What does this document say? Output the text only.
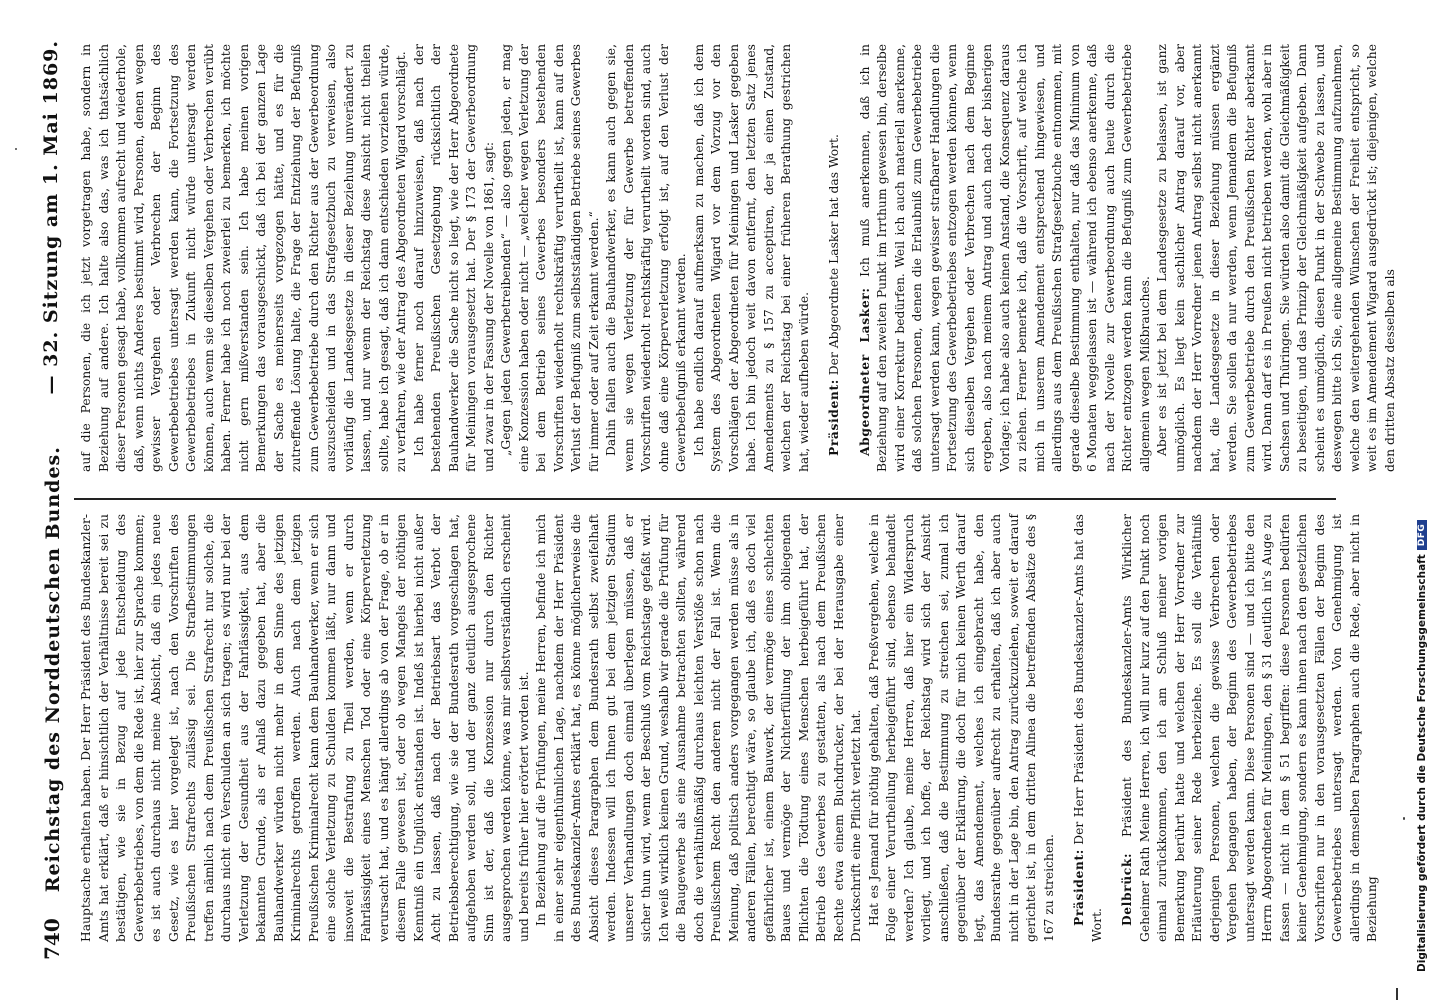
740
Reichstag des Norddeutschen Bundes.
— 32. Sitzung am 1. Mai 1869.

Hauptsache erhalten haben. Der Herr Präsident des Bundeskanzler-Amts hat erklärt, daß er hinsichtlich der Verhältnisse bereit sei zu bestätigen, wie sie in Bezug auf jede Entscheidung des Gewerbebetriebes, von dem die Rede ist, hier zur Sprache kommen; es ist auch durchaus nicht meine Absicht, daß ein jedes neue Gesetz, wie es hier vorgelegt ist, nach den Vorschriften des Preußischen Strafrechts zulässig sei. Die Strafbestimmungen treffen nämlich nach dem Preußischen Strafrecht nur solche, die durchaus nicht ein Verschulden an sich tragen; es wird nur bei der Verletzung der Gesundheit aus der Fahrlässigkeit, aus dem bekannten Grunde, als er Anlaß dazu gegeben hat, aber die Bauhandwerker würden nicht mehr in dem Sinne des jetzigen Kriminalrechts getroffen werden. Auch nach dem jetzigen Preußischen Kriminalrecht kann dem Bauhandwerker, wenn er sich eine solche Verletzung zu Schulden kommen läßt, nur dann und insoweit die Bestrafung zu Theil werden, wenn er durch Fahrlässigkeit eines Menschen Tod oder eine Körperverletzung verursacht hat, und es hängt allerdings ab von der Frage, ob er in diesem Falle gewesen ist, oder ob wegen Mangels der nöthigen Kenntniß ein Unglück entstanden ist. Indeß ist hierbei nicht außer Acht zu lassen, daß nach der Betriebsart das Verbot der Betriebsberechtigung, wie sie der Bundesrath vorgeschlagen hat, aufgehoben werden soll, und der ganz deutlich ausgesprochene Sinn ist der, daß die Konzession nur durch den Richter ausgesprochen werden könne, was mir selbstverständlich erscheint und bereits früher hier erörtert worden ist. In Beziehung auf die Prüfungen, meine Herren, befinde ich mich in einer sehr eigenthümlichen Lage, nachdem der Herr Präsident des Bundeskanzler-Amtes erklärt hat, es könne möglicherweise die Absicht dieses Paragraphen dem Bundesrath selbst zweifelhaft werden. Indessen will ich Ihnen gut bei dem jetzigen Stadium unserer Verhandlungen doch einmal überlegen müssen, daß er sicher thun wird, wenn der Beschluß vom Reichstage gefaßt wird. Ich weiß wirklich keinen Grund, weshalb wir gerade die Prüfung für die Baugewerbe als eine Ausnahme betrachten sollten, während doch die verhältnißmäßig durchaus leichten Verstöße schon nach Preußischem Recht den anderen nicht der Fall ist. Wenn die Meinung, daß politisch anders vorgegangen werden müsse als in anderen Fällen, berechtigt wäre, so glaube ich, daß es doch viel gefährlicher ist, einem Bauwerk, der vermöge eines schlechten Baues und vermöge der Nichterfüllung der ihm obliegenden Pflichten die Tödtung eines Menschen herbeigeführt hat, der Betrieb des Gewerbes zu gestatten, als nach dem Preußischen Rechte etwa einem Buchdrucker, der bei der Herausgabe einer Druckschrift eine Pflicht verletzt hat. Hat es Jemand für nöthig gehalten, daß Preßvergehen, welche in Folge einer Verurtheilung herbeigeführt sind, ebenso behandelt werden? Ich glaube, meine Herren, daß hier ein Widerspruch vorliegt, und ich hoffe, der Reichstag wird sich der Ansicht anschließen, daß die Bestimmung zu streichen sei, zumal ich gegenüber der Erklärung, die doch für mich keinen Werth darauf legt, das Amendement, welches ich eingebracht habe, den Bundesrathe gegenüber aufrecht zu erhalten, daß ich aber auch nicht in der Lage bin, den Antrag zurückzuziehen, soweit er darauf gerichtet ist, in dem dritten Alinea die betreffenden Absätze des § 167 zu streichen. Präsident: Der Herr Präsident des Bundeskanzler-Amts hat das Wort. Delbrück: Präsident des Bundeskanzler-Amts Wirklicher Geheimer Rath Meine Herren, ich will nur kurz auf den Punkt noch einmal zurückkommen, den ich am Schluß meiner vorigen Bemerkung berührt hatte und welchen der Herr Vorredner zur Erläuterung seiner Rede herbeiziehe. Es soll die Verhältniß derjenigen Personen, welchen die gewisse Verbrechen oder Vergehen begangen haben, der Beginn des Gewerbebetriebes untersagt werden kann. Diese Personen sind — und ich bitte den Herrn Abgeordneten für Meiningen, den § 31 deutlich in's Auge zu fassen — nicht in dem § 51 begriffen: diese Personen bedürfen keiner Genehmigung, sondern es kann ihnen nach den gesetzlichen Vorschriften nur in den vorausgesetzten Fällen der Beginn des Gewerbebetriebes untersagt werden. Von Genehmigung ist allerdings in demselben Paragraphen auch die Rede, aber nicht in Beziehung

auf die Personen, die ich jetzt vorgetragen habe, sondern in Beziehung auf andere. Ich halte also das, was ich thatsächlich dieser Personen gesagt habe, vollkommen aufrecht und wiederhole, daß, wenn nichts Anderes bestimmt wird, Personen, denen wegen gewisser Vergehen oder Verbrechen der Beginn des Gewerbebetriebes untersagt werden kann, die Fortsetzung des Gewerbebetriebes in Zukunft nicht würde untersagt werden können, auch wenn sie dieselben Vergehen oder Verbrechen verübt haben. Ferner habe ich noch zweierlei zu bemerken, ich möchte nicht gern mißverstanden sein. Ich habe meinen vorigen Bemerkungen das vorausgeschickt, daß ich bei der ganzen Lage der Sache es meinerseits vorgezogen hätte, und es für die zutreffende Lösung halte, die Frage der Entziehung der Befugniß zum Gewerbebetriebe durch den Richter aus der Gewerbeordnung auszuscheiden und in das Strafgesetzbuch zu verweisen, also vorläufig die Landesgesetze in dieser Beziehung unverändert zu lassen, und nur wenn der Reichstag diese Ansicht nicht theilen sollte, habe ich gesagt, daß ich dann entschieden vorziehen würde, zu verfahren, wie der Antrag des Abgeordneten Wigard vorschlägt. Ich habe ferner noch darauf hinzuweisen, daß nach der bestehenden Preußischen Gesetzgebung rücksichtlich der Bauhandwerker die Sache nicht so liegt, wie der Herr Abgeordnete für Meiningen vorausgesetzt hat. Der § 173 der Gewerbeordnung und zwar in der Fassung der Novelle von 1861, sagt: „Gegen jeden Gewerbetreibenden“ — also gegen jeden, er mag eine Konzession haben oder nicht — „welcher wegen Verletzung der bei dem Betrieb seines Gewerbes besonders bestehenden Vorschriften wiederholt rechtskräftig verurtheilt ist, kann auf den Verlust der Befugniß zum selbstständigen Betriebe seines Gewerbes für immer oder auf Zeit erkannt werden.“ Dahin fallen auch die Bauhandwerker, es kann auch gegen sie, wenn sie wegen Verletzung der für Gewerbe betreffenden Vorschriften wiederholt rechtskräftig verurtheilt worden sind, auch ohne daß eine Körperverletzung erfolgt ist, auf den Verlust der Gewerbebefugniß erkannt werden. Ich habe endlich darauf aufmerksam zu machen, daß ich dem System des Abgeordneten Wigard vor dem Vorzug vor den Vorschlägen der Abgeordneten für Meiningen und Lasker gegeben habe. Ich bin jedoch weit davon entfernt, den letzten Satz jenes Amendements zu § 157 zu acceptiren, der ja einen Zustand, welchen der Reichstag bei einer früheren Berathung gestrichen hat, wieder aufheben würde. Präsident: Der Abgeordnete Lasker hat das Wort. Abgeordneter Lasker: Ich muß anerkennen, daß ich in Beziehung auf den zweiten Punkt im Irrthum gewesen bin, derselbe wird einer Korrektur bedürfen. Weil ich auch materiell anerkenne, daß solchen Personen, denen die Erlaubniß zum Gewerbebetriebe untersagt werden kann, wegen gewisser strafbarer Handlungen die Fortsetzung des Gewerbebetriebes entzogen werden können, wenn sich dieselben Vergehen oder Verbrechen nach dem Beginne ergeben, also nach meinem Antrag und auch nach der bisherigen Vorlage; ich habe also auch keinen Anstand, die Konsequenz daraus zu ziehen. Ferner bemerke ich, daß die Vorschrift, auf welche ich mich in unserem Amendement entsprechend hingewiesen, und allerdings aus dem Preußischen Strafgesetzbuche entnommen, mit gerade dieselbe Bestimmung enthalten, nur daß das Minimum von 6 Monaten weggelassen ist — während ich ebenso anerkenne, daß nach der Novelle zur Gewerbeordnung auch heute durch die Richter entzogen werden kann die Befugniß zum Gewerbebetriebe allgemein wegen Mißbrauches. Aber es ist jetzt bei dem Landesgesetze zu belassen, ist ganz unmöglich. Es liegt kein sachlicher Antrag darauf vor, aber nachdem der Herr Vorredner jenen Antrag selbst nicht anerkannt hat, die Landesgesetze in dieser Beziehung müssen ergänzt werden. Sie sollen da nur werden, wenn Jemandem die Befugniß zum Gewerbebetriebe durch den Preußischen Richter aberkannt wird. Dann darf es in Preußen nicht betrieben werden, wohl aber in Sachsen und Thüringen. Sie würden also damit die Gleichmäßigkeit zu beseitigen, und das Prinzip der Gleichmäßigkeit aufgeben. Dann scheint es unmöglich, diesen Punkt in der Schwebe zu lassen, und deswegen bitte ich Sie, eine allgemeine Bestimmung aufzunehmen, welche den weitergehenden Wünschen der Freiheit entspricht, so weit es im Amendement Wigard ausgedrückt ist; diejenigen, welche den dritten Absatz desselben als

Digitalisierung gefördert durch die Deutsche Forschungsgemeinschaft
DFG
